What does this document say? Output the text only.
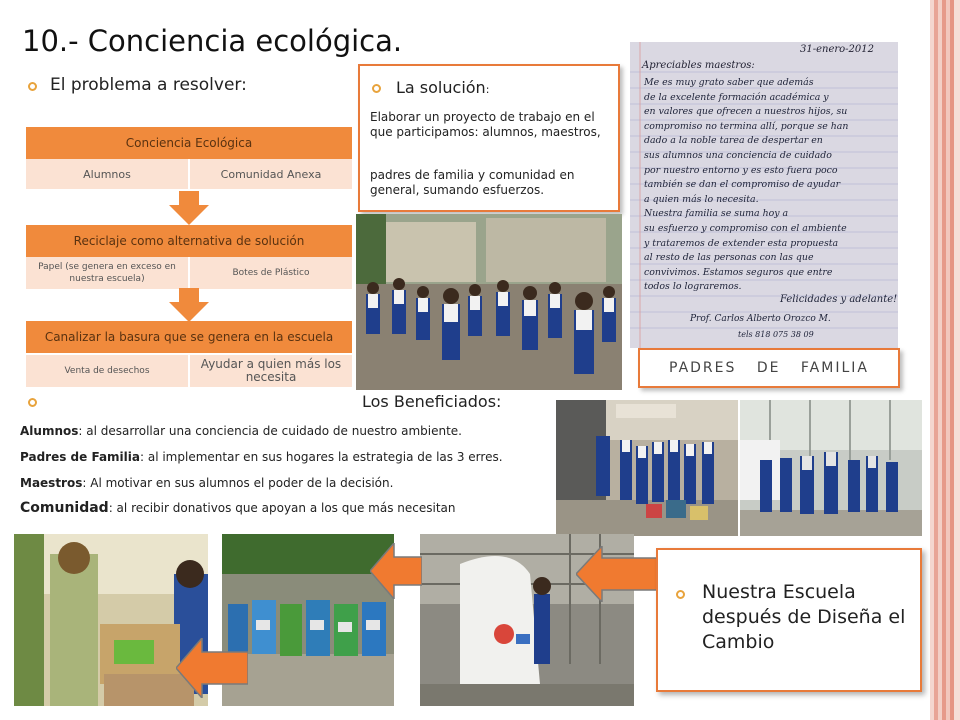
10.- Conciencia ecológica.
El problema a resolver:
Conciencia Ecológica
Alumnos	Comunidad Anexa
Reciclaje como alternativa de solución
Papel (se genera en exceso en nuestra escuela)
Botes de Plástico
Canalizar la basura que se genera en la escuela
Venta de desechos	Ayudar a quien más los necesita
La solución:
Elaborar un proyecto de trabajo en el que participamos: alumnos, maestros,
padres de familia y comunidad en general, sumando esfuerzos.
31-enero-2012
Apreciables maestros:
Me es muy grato saber que además
de la excelente formación académica y
en valores que ofrecen a nuestros hijos, su
compromiso no termina allí, porque se han
dado a la noble tarea de despertar en
sus alumnos una conciencia de cuidado
por nuestro entorno y es esto fuera poco
también se dan el compromiso de ayudar
a quien más lo necesita.
Nuestra familia se suma hoy a
su esfuerzo y compromiso con el ambiente
y trataremos de extender esta propuesta
al resto de las personas con las que
convivimos. Estamos seguros que entre
todos lo lograremos.
Felicidades y adelante!
Prof. Carlos Alberto Orozco M.
tels 818 075 38 09
PADRES DE FAMILIA
Los Beneficiados:
Alumnos: al desarrollar una conciencia de cuidado de nuestro ambiente.
Padres de Familia: al implementar en sus hogares la estrategia de las 3 erres.
Maestros: Al motivar en sus alumnos el poder de la decisión.
Comunidad: al recibir donativos que apoyan a los que más necesitan
Nuestra Escuela después de Diseña el Cambio
